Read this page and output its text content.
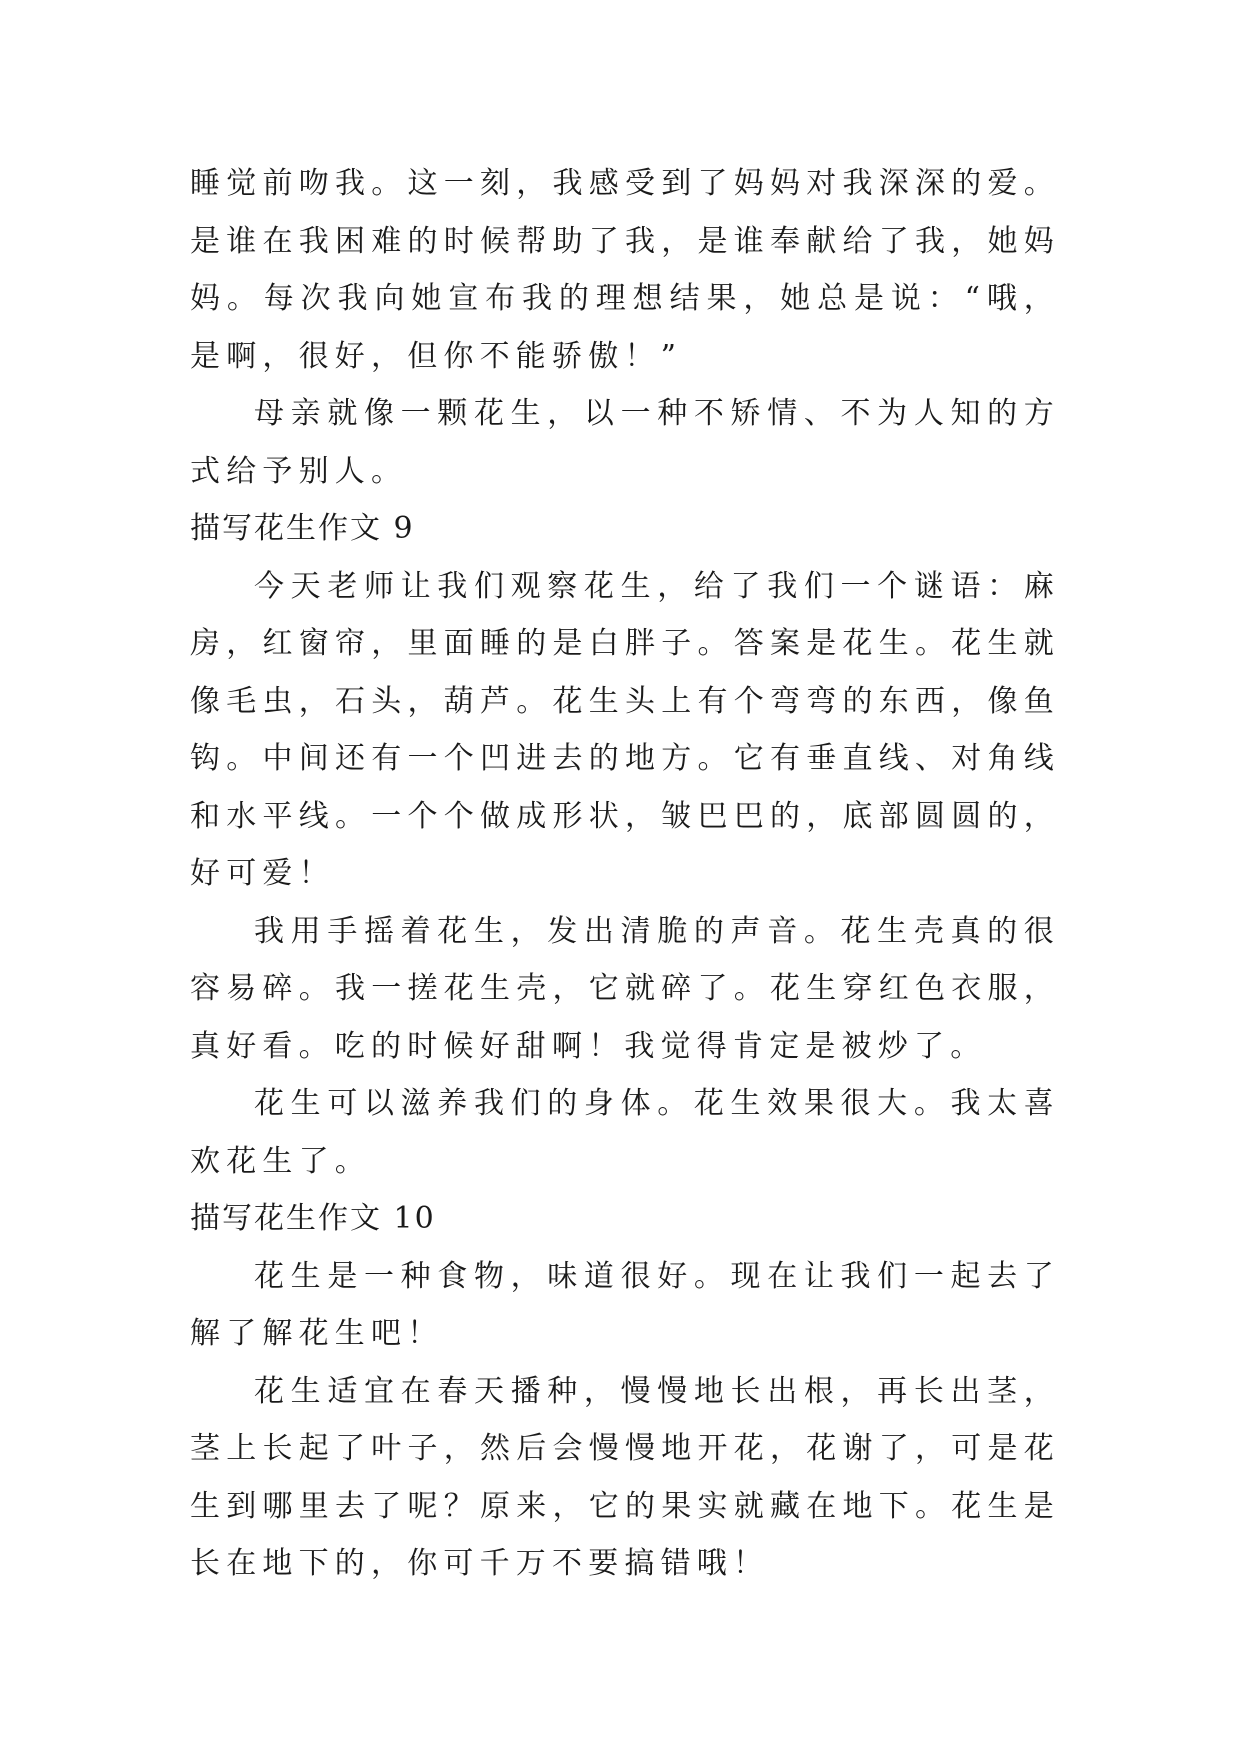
睡觉前吻我。这一刻，我感受到了妈妈对我深深的爱。是谁在我困难的时候帮助了我，是谁奉献给了我，她妈妈。每次我向她宣布我的理想结果，她总是说：“哦，是啊，很好，但你不能骄傲！”

母亲就像一颗花生，以一种不矫情、不为人知的方式给予别人。

描写花生作文 9

今天老师让我们观察花生，给了我们一个谜语：麻房，红窗帘，里面睡的是白胖子。答案是花生。花生就像毛虫，石头，葫芦。花生头上有个弯弯的东西，像鱼钩。中间还有一个凹进去的地方。它有垂直线、对角线和水平线。一个个做成形状，皱巴巴的，底部圆圆的，好可爱！

我用手摇着花生，发出清脆的声音。花生壳真的很容易碎。我一搓花生壳，它就碎了。花生穿红色衣服，真好看。吃的时候好甜啊！我觉得肯定是被炒了。

花生可以滋养我们的身体。花生效果很大。我太喜欢花生了。

描写花生作文 10

花生是一种食物，味道很好。现在让我们一起去了解了解花生吧！

花生适宜在春天播种，慢慢地长出根，再长出茎，茎上长起了叶子，然后会慢慢地开花，花谢了，可是花生到哪里去了呢？原来，它的果实就藏在地下。花生是长在地下的，你可千万不要搞错哦！
